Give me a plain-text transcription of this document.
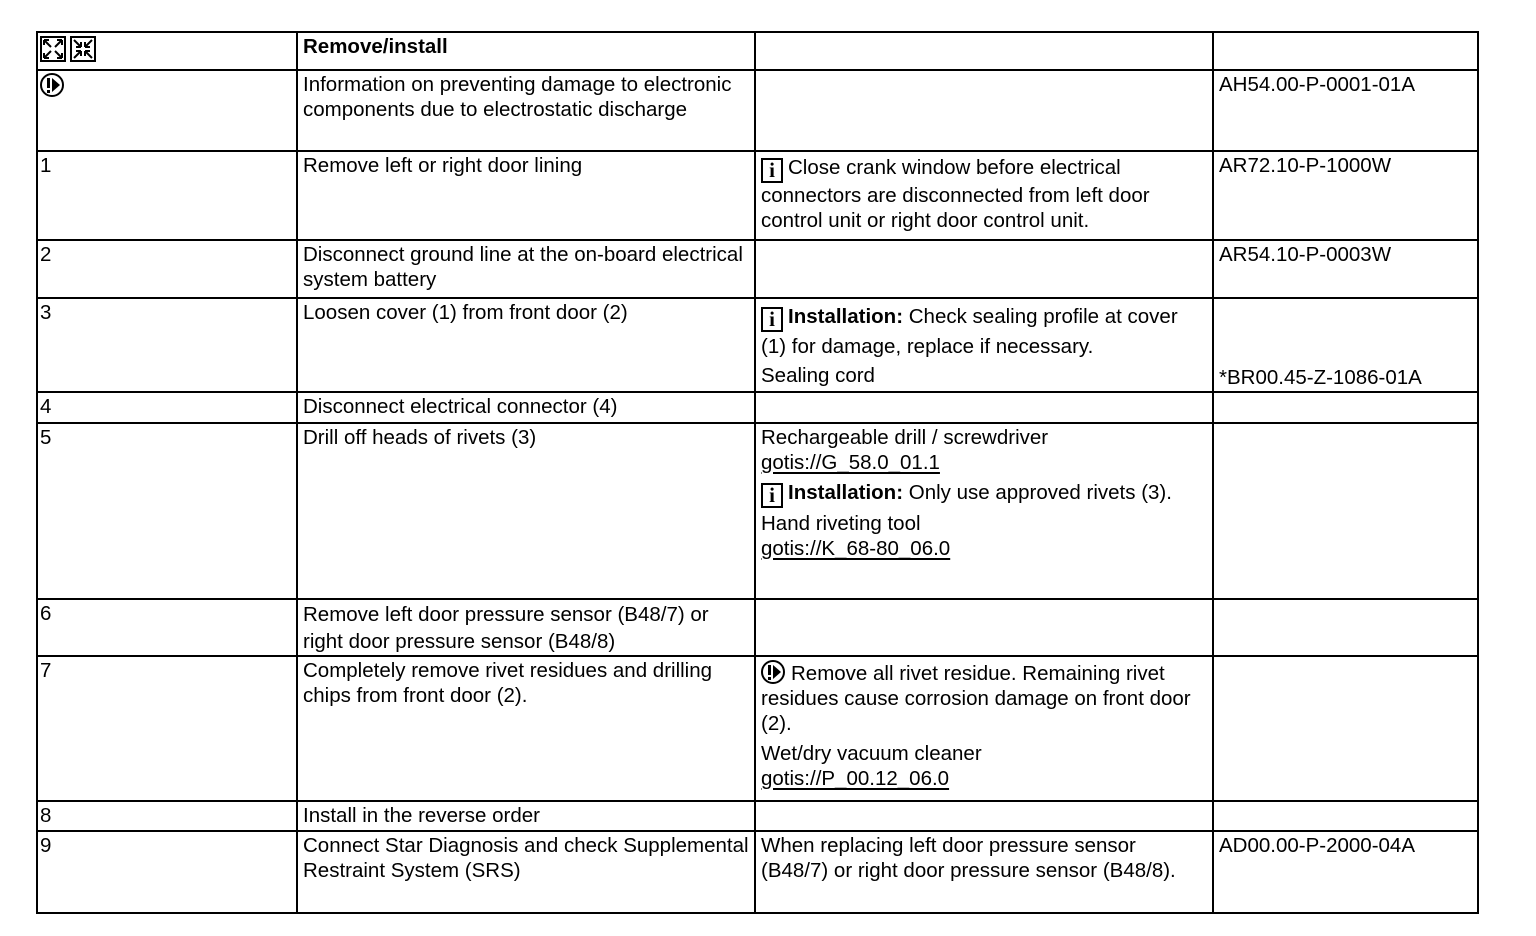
Remove/install		

	Information on preventing damage to electronic components due to electrostatic discharge		AH54.00-P-0001-01A

1	Remove left or right door lining	i Close crank window before electrical connectors are disconnected from left door control unit or right door control unit.	AR72.10-P-1000W

2	Disconnect ground line at the on-board electrical system battery		AR54.10-P-0003W

3	Loosen cover (1) from front door (2)	i Installation: Check sealing profile at cover (1) for damage, replace if necessary.
Sealing cord	*BR00.45-Z-1086-01A

4	Disconnect electrical connector (4)		

5	Drill off heads of rivets (3)	Rechargeable drill / screwdriver
gotis://G_58.0_01.1
i Installation: Only use approved rivets (3).
Hand riveting tool
gotis://K_68-80_06.0	

6	Remove left door pressure sensor (B48/7) or right door pressure sensor (B48/8)		

7	Completely remove rivet residues and drilling chips from front door (2).	Remove all rivet residue. Remaining rivet residues cause corrosion damage on front door (2).
Wet/dry vacuum cleaner
gotis://P_00.12_06.0	

8	Install in the reverse order		

9	Connect Star Diagnosis and check Supplemental Restraint System (SRS)	When replacing left door pressure sensor (B48/7) or right door pressure sensor (B48/8).	AD00.00-P-2000-04A
